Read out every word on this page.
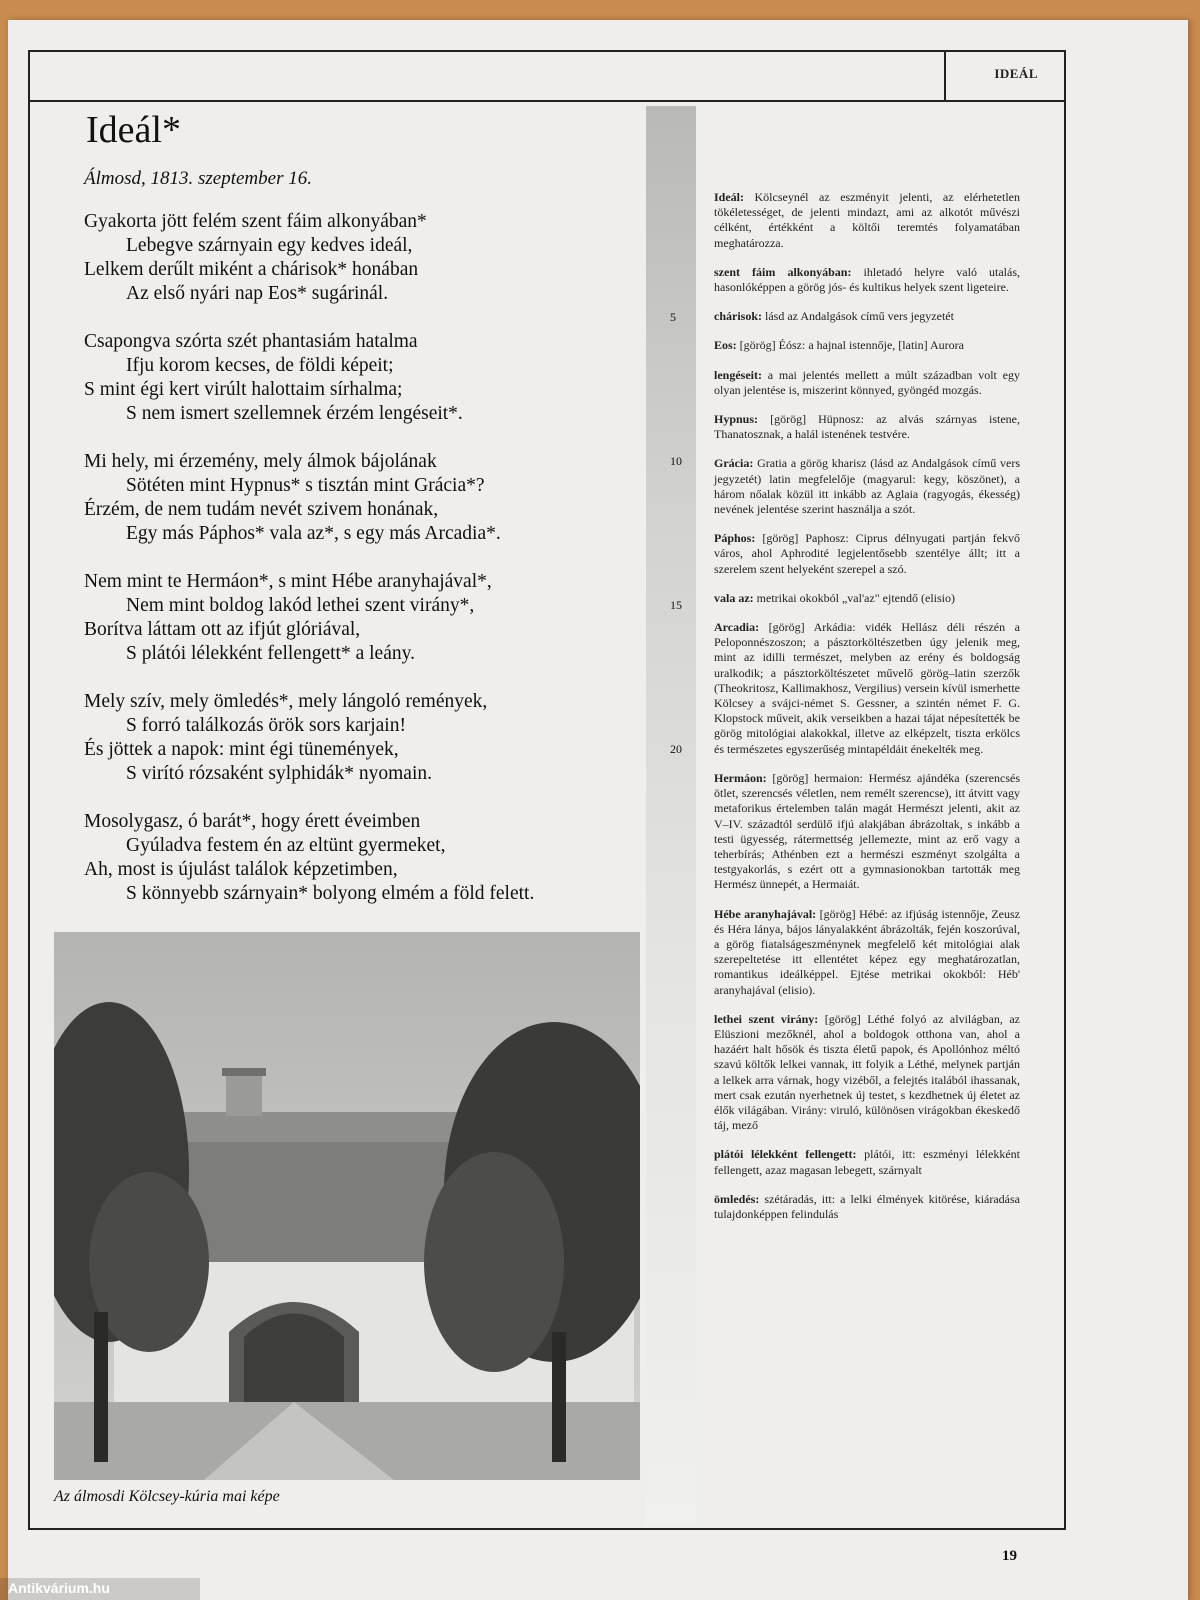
IDEÁL
Ideál*
Álmosd, 1813. szeptember 16.
Gyakorta jött felém szent fáim alkonyában*
Lebegve szárnyain egy kedves ideál,
Lelkem derűlt miként a chárisok* honában
Az első nyári nap Eos* sugárinál.
Csapongva szórta szét phantasiám hatalma
Ifju korom kecses, de földi képeit;
S mint égi kert virúlt halottaim sírhalma;
S nem ismert szellemnek érzém lengéseit*.
Mi hely, mi érzemény, mely álmok bájolának
Sötéten mint Hypnus* s tisztán mint Grácia*?
Érzém, de nem tudám nevét szivem honának,
Egy más Páphos* vala az*, s egy más Arcadia*.
Nem mint te Hermáon*, s mint Hébe aranyhajával*,
Nem mint boldog lakód lethei szent virány*,
Borítva láttam ott az ifjút glóriával,
S plátói lélekként fellengett* a leány.
Mely szív, mely ömledés*, mely lángoló remények,
S forró találkozás örök sors karjain!
És jöttek a napok: mint égi tünemények,
S virító rózsaként sylphidák* nyomain.
Mosolygasz, ó barát*, hogy érett éveimben
Gyúladva festem én az eltünt gyermeket,
Ah, most is újulást találok képzetimben,
S könnyebb szárnyain* bolyong elmém a föld felett.
5
10
15
20
Ideál: Kölcseynél az eszményit jelenti, az elérhetetlen tökéletességet, de jelenti mindazt, ami az alkotót művészi célként, értékként a költői teremtés folyamatában meghatározza.
szent fáim alkonyában: ihletadó helyre való utalás, hasonlóképpen a görög jós- és kultikus helyek szent ligeteire.
chárisok: lásd az Andalgások című vers jegyzetét
Eos: [görög] Éósz: a hajnal istennője, [latin] Aurora
lengéseit: a mai jelentés mellett a múlt században volt egy olyan jelentése is, miszerint könnyed, gyöngéd mozgás.
Hypnus: [görög] Hüpnosz: az alvás szárnyas istene, Thanatosznak, a halál istenének testvére.
Grácia: Gratia a görög kharisz (lásd az Andalgások című vers jegyzetét) latin megfelelője (magyarul: kegy, köszönet), a három nőalak közül itt inkább az Aglaia (ragyogás, ékesség) nevének jelentése szerint használja a szót.
Páphos: [görög] Paphosz: Ciprus délnyugati partján fekvő város, ahol Aphrodité legjelentősebb szentélye állt; itt a szerelem szent helyeként szerepel a szó.
vala az: metrikai okokból „val'az" ejtendő (elisio)
Arcadia: [görög] Arkádia: vidék Hellász déli részén a Peloponnészoszon; a pásztorköltészetben úgy jelenik meg, mint az idilli természet, melyben az erény és boldogság uralkodik; a pásztorköltészetet művelő görög–latin szerzők (Theokritosz, Kallimakhosz, Vergilius) versein kívül ismerhette Kölcsey a svájci-német S. Gessner, a szintén német F. G. Klopstock műveit, akik verseikben a hazai tájat népesítették be görög mitológiai alakokkal, illetve az elképzelt, tiszta erkölcs és természetes egyszerűség mintapéldáit énekelték meg.
Hermáon: [görög] hermaion: Hermész ajándéka (szerencsés ötlet, szerencsés véletlen, nem remélt szerencse), itt átvitt vagy metaforikus értelemben talán magát Hermészt jelenti, akit az V–IV. századtól serdülő ifjú alakjában ábrázoltak, s inkább a testi ügyesség, rátermettség jellemezte, mint az erő vagy a teherbírás; Athénben ezt a hermészi eszményt szolgálta a testgyakorlás, s ezért ott a gymnasionokban tartották meg Hermész ünnepét, a Hermaiát.
Hébe aranyhajával: [görög] Hébé: az ifjúság istennője, Zeusz és Héra lánya, bájos lányalakként ábrázolták, fején koszorúval, a görög fiatalságeszménynek megfelelő két mitológiai alak szerepeltetése itt ellentétet képez egy meghatározatlan, romantikus ideálképpel. Ejtése metrikai okokból: Héb' aranyhajával (elisio).
lethei szent virány: [görög] Léthé folyó az alvilágban, az Elüszioni mezőknél, ahol a boldogok otthona van, ahol a hazáért halt hősök és tiszta életű papok, és Apollónhoz méltó szavú költők lelkei vannak, itt folyik a Léthé, melynek partján a lelkek arra várnak, hogy vizéből, a felejtés italából ihassanak, mert csak ezután nyerhetnek új testet, s kezdhetnek új életet az élők világában. Virány: viruló, különösen virágokban ékeskedő táj, mező
plátói lélekként fellengett: plátói, itt: eszményi lélekként fellengett, azaz magasan lebegett, szárnyalt
ömledés: szétáradás, itt: a lelki élmények kitörése, kiáradása tulajdonképpen felindulás
Az álmosdi Kölcsey-kúria mai képe
19
Antikvárium.hu
